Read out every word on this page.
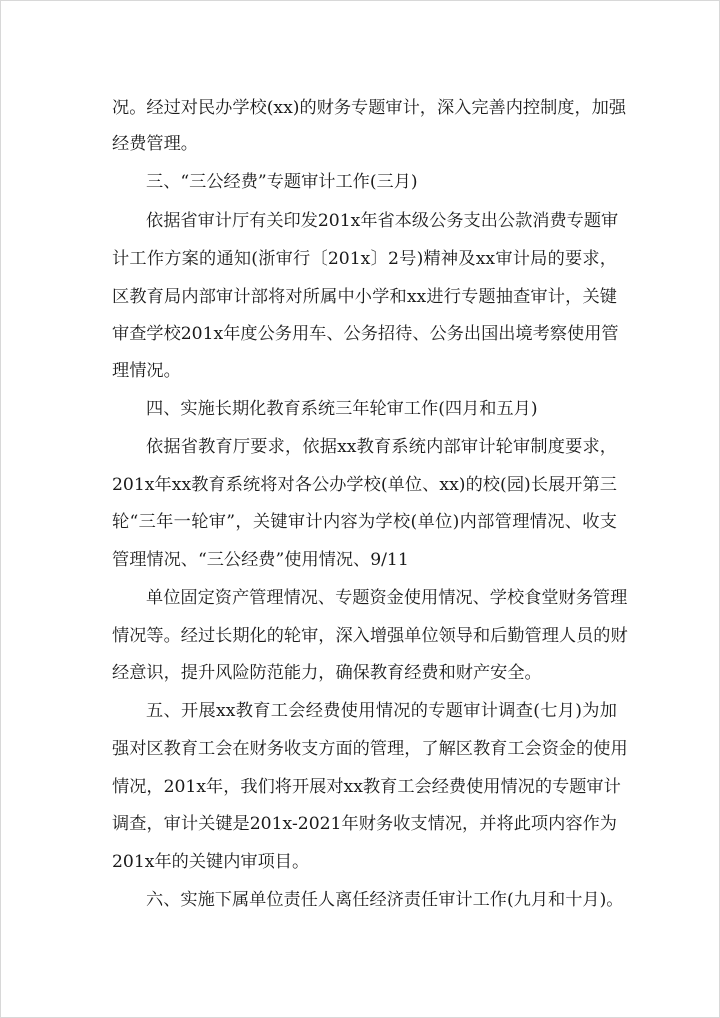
况。经过对民办学校(xx)的财务专题审计，深入完善内控制度，加强
经费管理。
三、“三公经费”专题审计工作(三月)
依据省审计厅有关印发201x年省本级公务支出公款消费专题审
计工作方案的通知(浙审行〔201x〕2号)精神及xx审计局的要求，
区教育局内部审计部将对所属中小学和xx进行专题抽查审计，关键
审查学校201x年度公务用车、公务招待、公务出国出境考察使用管
理情况。
四、实施长期化教育系统三年轮审工作(四月和五月)
依据省教育厅要求，依据xx教育系统内部审计轮审制度要求，
201x年xx教育系统将对各公办学校(单位、xx)的校(园)长展开第三
轮“三年一轮审”，关键审计内容为学校(单位)内部管理情况、收支
管理情况、“三公经费”使用情况、9/11
单位固定资产管理情况、专题资金使用情况、学校食堂财务管理
情况等。经过长期化的轮审，深入增强单位领导和后勤管理人员的财
经意识，提升风险防范能力，确保教育经费和财产安全。
五、开展xx教育工会经费使用情况的专题审计调查(七月)为加
强对区教育工会在财务收支方面的管理，了解区教育工会资金的使用
情况，201x年，我们将开展对xx教育工会经费使用情况的专题审计
调查，审计关键是201x-2021年财务收支情况，并将此项内容作为
201x年的关键内审项目。
六、实施下属单位责任人离任经济责任审计工作(九月和十月)。
